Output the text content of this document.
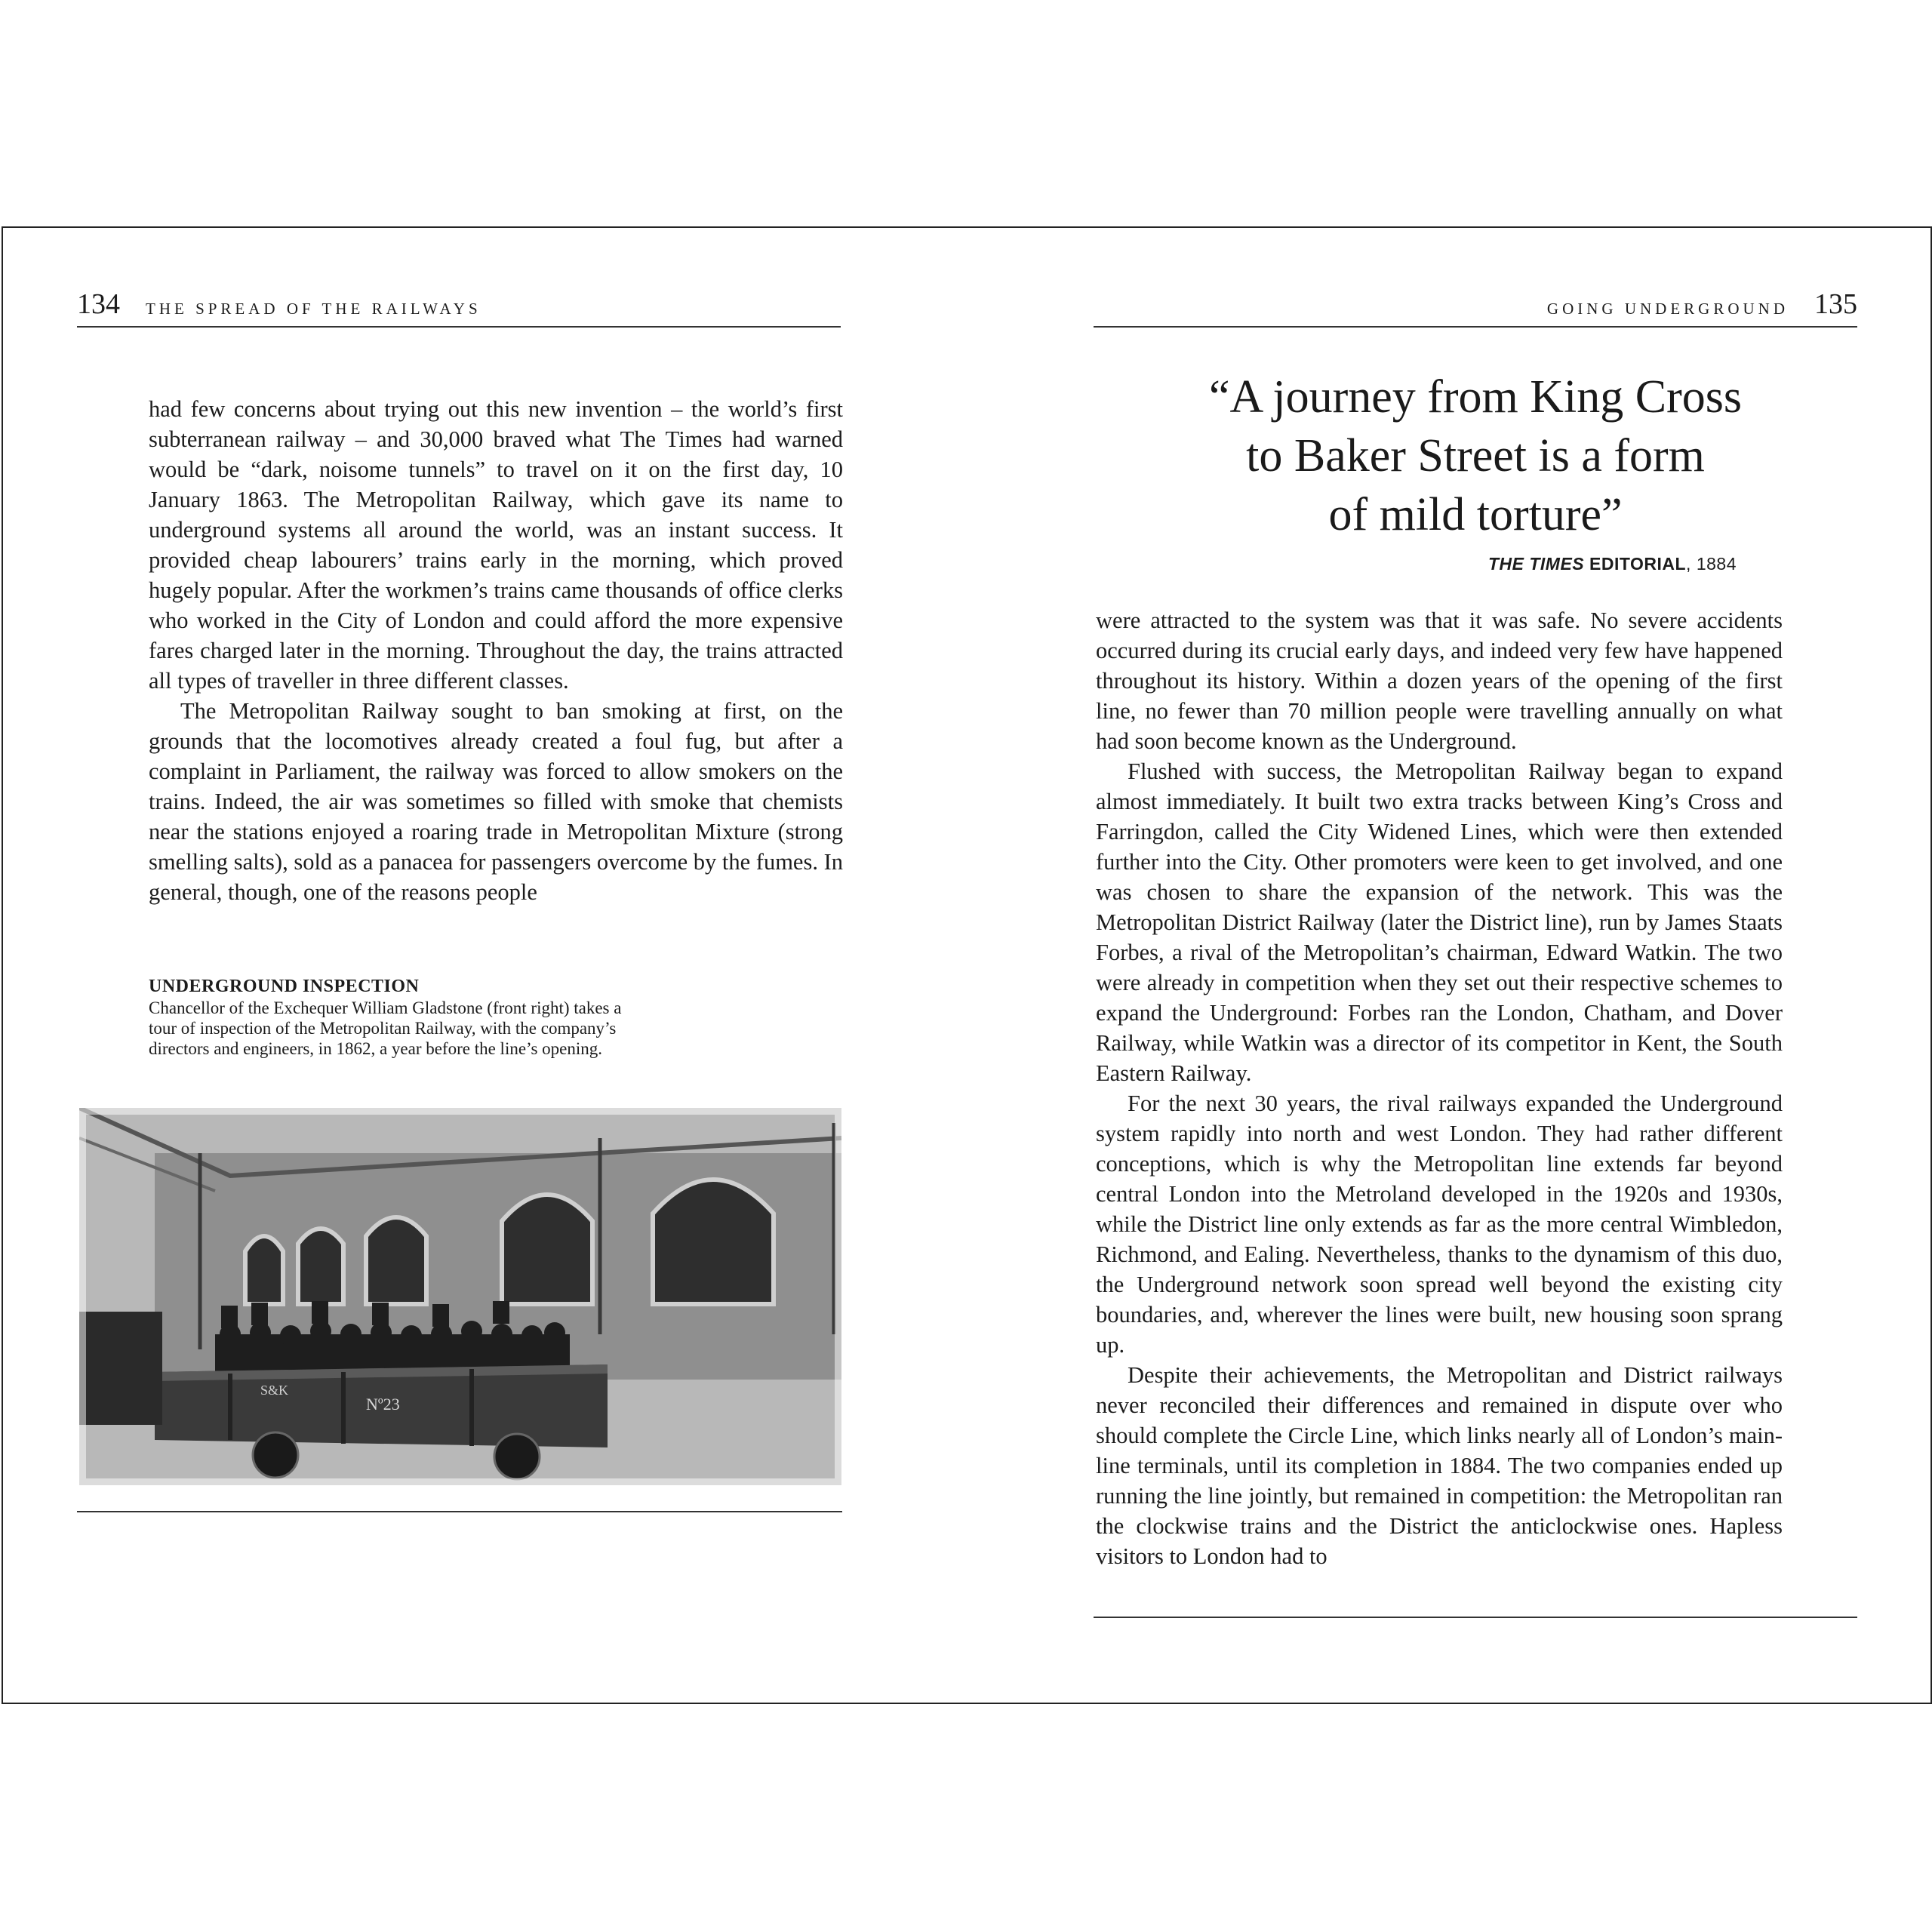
134 THE SPREAD OF THE RAILWAYS

had few concerns about trying out this new invention – the world’s first subterranean railway – and 30,000 braved what The Times had warned would be “dark, noisome tunnels” to travel on it on the first day, 10 January 1863. The Metropolitan Railway, which gave its name to underground systems all around the world, was an instant success. It provided cheap labourers’ trains early in the morning, which proved hugely popular. After the workmen’s trains came thousands of office clerks who worked in the City of London and could afford the more expensive fares charged later in the morning. Throughout the day, the trains attracted all types of traveller in three different classes.

The Metropolitan Railway sought to ban smoking at first, on the grounds that the locomotives already created a foul fug, but after a complaint in Parliament, the railway was forced to allow smokers on the trains. Indeed, the air was sometimes so filled with smoke that chemists near the stations enjoyed a roaring trade in Metropolitan Mixture (strong smelling salts), sold as a panacea for passengers overcome by the fumes. In general, though, one of the reasons people

UNDERGROUND INSPECTION
Chancellor of the Exchequer William Gladstone (front right) takes a tour of inspection of the Metropolitan Railway, with the company’s directors and engineers, in 1862, a year before the line’s opening.
Nº23
S&K
GOING UNDERGROUND 135
“A journey from King Cross
to Baker Street is a form
of mild torture”
THE TIMES EDITORIAL, 1884

were attracted to the system was that it was safe. No severe accidents occurred during its crucial early days, and indeed very few have happened throughout its history. Within a dozen years of the opening of the first line, no fewer than 70 million people were travelling annually on what had soon become known as the Underground.

Flushed with success, the Metropolitan Railway began to expand almost immediately. It built two extra tracks between King’s Cross and Farringdon, called the City Widened Lines, which were then extended further into the City. Other promoters were keen to get involved, and one was chosen to share the expansion of the network. This was the Metropolitan District Railway (later the District line), run by James Staats Forbes, a rival of the Metropolitan’s chairman, Edward Watkin. The two were already in competition when they set out their respective schemes to expand the Underground: Forbes ran the London, Chatham, and Dover Railway, while Watkin was a director of its competitor in Kent, the South Eastern Railway.

For the next 30 years, the rival railways expanded the Underground system rapidly into north and west London. They had rather different conceptions, which is why the Metropolitan line extends far beyond central London into the Metroland developed in the 1920s and 1930s, while the District line only extends as far as the more central Wimbledon, Richmond, and Ealing. Nevertheless, thanks to the dynamism of this duo, the Underground network soon spread well beyond the existing city boundaries, and, wherever the lines were built, new housing soon sprang up.

Despite their achievements, the Metropolitan and District railways never reconciled their differences and remained in dispute over who should complete the Circle Line, which links nearly all of London’s main-line terminals, until its completion in 1884. The two companies ended up running the line jointly, but remained in competition: the Metropolitan ran the clockwise trains and the District the anticlockwise ones. Hapless visitors to London had to
